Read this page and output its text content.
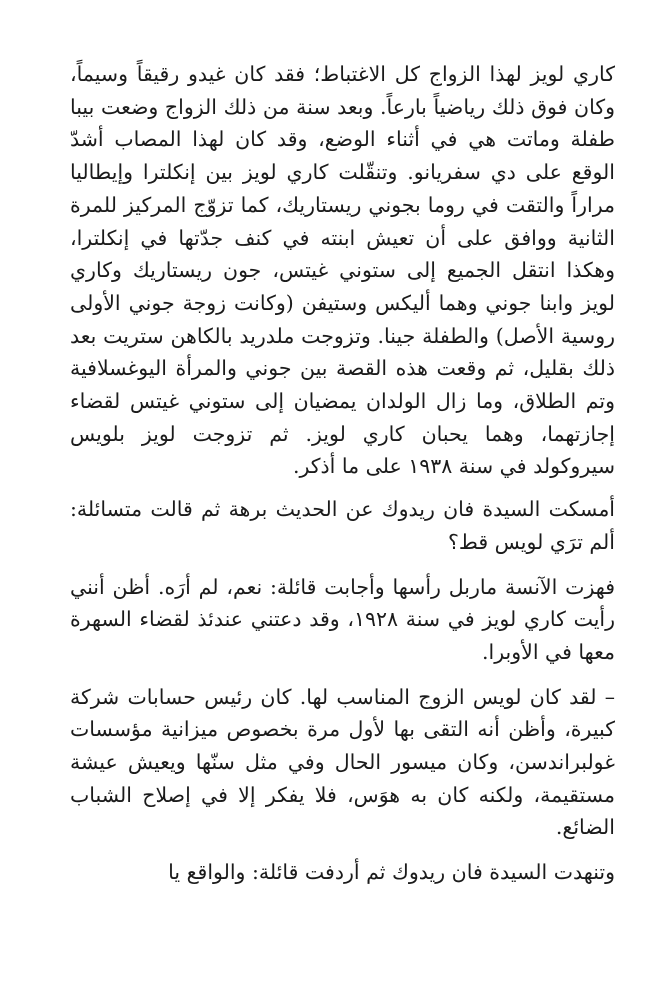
كاري لويز لهذا الزواج كل الاغتباط؛ فقد كان غيدو رقيقاً وسيماً، وكان فوق ذلك رياضياً بارعاً. وبعد سنة من ذلك الزواج وضعت بيبا طفلة وماتت هي في أثناء الوضع، وقد كان لهذا المصاب أشدّ الوقع على دي سفريانو. وتنقّلت كاري لويز بين إنكلترا وإيطاليا مراراً والتقت في روما بجوني ريستاريك، كما تزوّج المركيز للمرة الثانية ووافق على أن تعيش ابنته في كنف جدّتها في إنكلترا، وهكذا انتقل الجميع إلى ستوني غيتس، جون ريستاريك وكاري لويز وابنا جوني وهما أليكس وستيفن (وكانت زوجة جوني الأولى روسية الأصل) والطفلة جينا. وتزوجت ملدريد بالكاهن ستريت بعد ذلك بقليل، ثم وقعت هذه القصة بين جوني والمرأة اليوغسلافية وتم الطلاق، وما زال الولدان يمضيان إلى ستوني غيتس لقضاء إجازتهما، وهما يحبان كاري لويز. ثم تزوجت لويز بلويس سيروكولد في سنة ١٩٣٨ على ما أذكر.

أمسكت السيدة فان ريدوك عن الحديث برهة ثم قالت متسائلة: ألم ترَي لويس قط؟

فهزت الآنسة ماربل رأسها وأجابت قائلة: نعم، لم أرَه. أظن أنني رأيت كاري لويز في سنة ١٩٢٨، وقد دعتني عندئذ لقضاء السهرة معها في الأوبرا.

– لقد كان لويس الزوج المناسب لها. كان رئيس حسابات شركة كبيرة، وأظن أنه التقى بها لأول مرة بخصوص ميزانية مؤسسات غولبراندسن، وكان ميسور الحال وفي مثل سنّها ويعيش عيشة مستقيمة، ولكنه كان به هوَس، فلا يفكر إلا في إصلاح الشباب الضائع.

وتنهدت السيدة فان ريدوك ثم أردفت قائلة: والواقع يا
